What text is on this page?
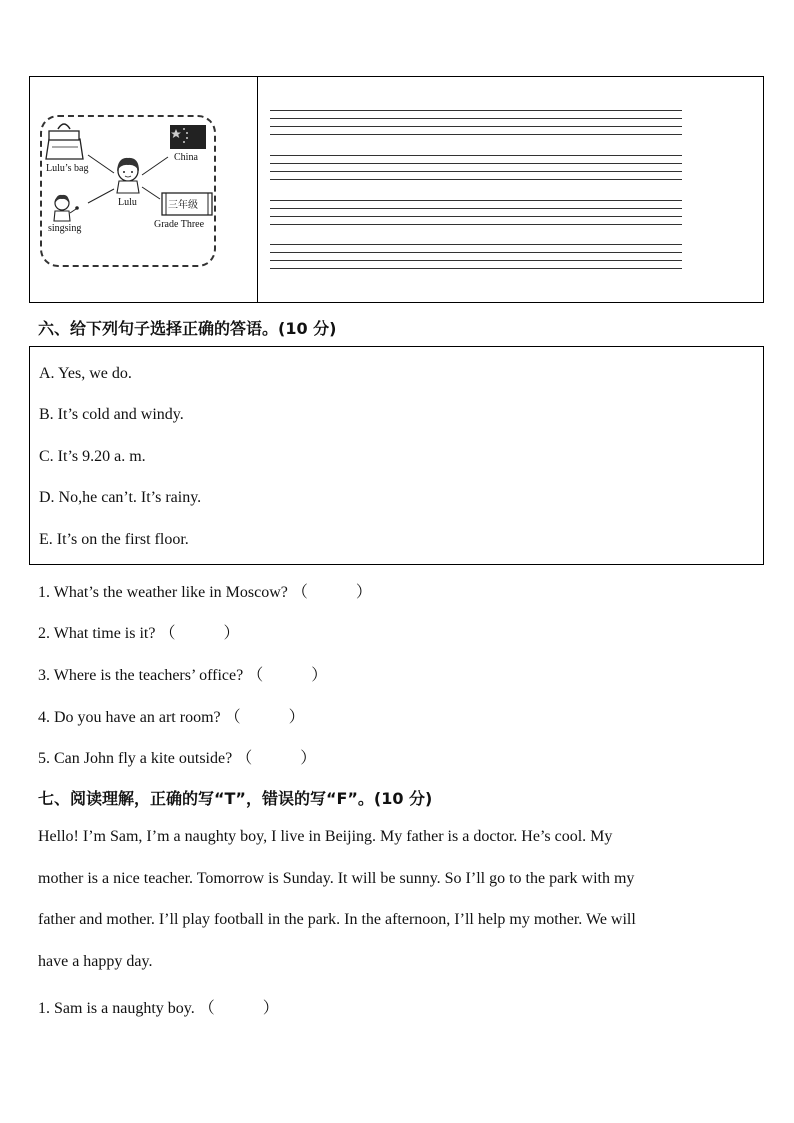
Lulu’s bag
Lulu
China
三年级
Grade Three
singsing
六、给下列句子选择正确的答语。(10 分)
A. Yes, we do.
B. It’s cold and windy.
C. It’s 9.20 a. m.
D. No,he can’t. It’s rainy.
E. It’s on the first floor.
1. What’s the weather like in Moscow? （　　　）
2. What time is it? （　　　）
3. Where is the teachers’ office? （　　　）
4. Do you have an art room? （　　　）
5. Can John fly a kite outside? （　　　）
七、阅读理解，正确的写“T”，错误的写“F”。(10 分)
Hello! I’m Sam, I’m a naughty boy, I live in Beijing. My father is a doctor. He’s cool. My
mother is a nice teacher. Tomorrow is Sunday. It will be sunny. So I’ll go to the park with my
father and mother. I’ll play football in the park. In the afternoon, I’ll help my mother. We will
have a happy day.
1. Sam is a naughty boy. （　　　）
